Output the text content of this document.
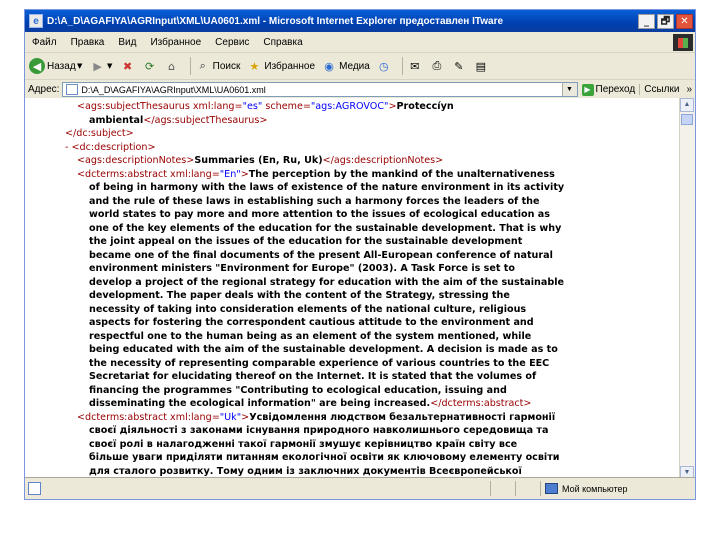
e D:\A_D\AGAFIYA\AGRInput\XML\UA0601.xml - Microsoft Internet Explorer предоставлен ITware	_	🗗	✕
Файл	Правка	Вид	Избранное	Сервис	Справка
◀ Назад ▼	▶ ▼ ✖	⟳	⌂	⌕ Поиск ★ Избранное ◉ Медиа ◷	✉	⎙	✎	▤
Адрес:	D:\A_D\AGAFIYA\AGRInput\XML\UA0601.xml	▼	▶ Переход Ссылки »
<ags:subjectThesaurus xml:lang="es" scheme="ags:AGROVOC">Proteccíyn
ambiental</ags:subjectThesaurus>
</dc:subject>
- <dc:description>
<ags:descriptionNotes>Summaries (En, Ru, Uk)</ags:descriptionNotes>
<dcterms:abstract xml:lang="En">The perception by the mankind of the unalternativeness
of being in harmony with the laws of existence of the nature environment in its activity
and the rule of these laws in establishing such a harmony forces the leaders of the
world states to pay more and more attention to the issues of ecological education as
one of the key elements of the education for the sustainable development. That is why
the joint appeal on the issues of the education for the sustainable development
became one of the final documents of the present All-European conference of natural
environment ministers "Environment for Europe" (2003). A Task Force is set to
develop a project of the regional strategy for education with the aim of the sustainable
development. The paper deals with the content of the Strategy, stressing the
necessity of taking into consideration elements of the national culture, religious
aspects for fostering the correspondent cautious attitude to the environment and
respectful one to the human being as an element of the system mentioned, while
being educated with the aim of the sustainable development. A decision is made as to
the necessity of representing comparable experience of various countries to the EEC
Secretariat for elucidating thereof on the Internet. It is stated that the volumes of
financing the programmes "Contributing to ecological education, issuing and
disseminating the ecological information" are being increased.</dcterms:abstract>
<dcterms:abstract xml:lang="Uk">Усвідомлення людством безальтернативності гармонії
своєї діяльності з законами існування природного навколишнього середовища та
своєї ролі в налагодженні такої гармонії змушує керівництво країн світу все
більше уваги приділяти питанням екологічної освіти як ключовому елементу освіти
для сталого розвитку. Тому одним із заключних документів Всеєвропейської
▲
▼
Мой компьютер
